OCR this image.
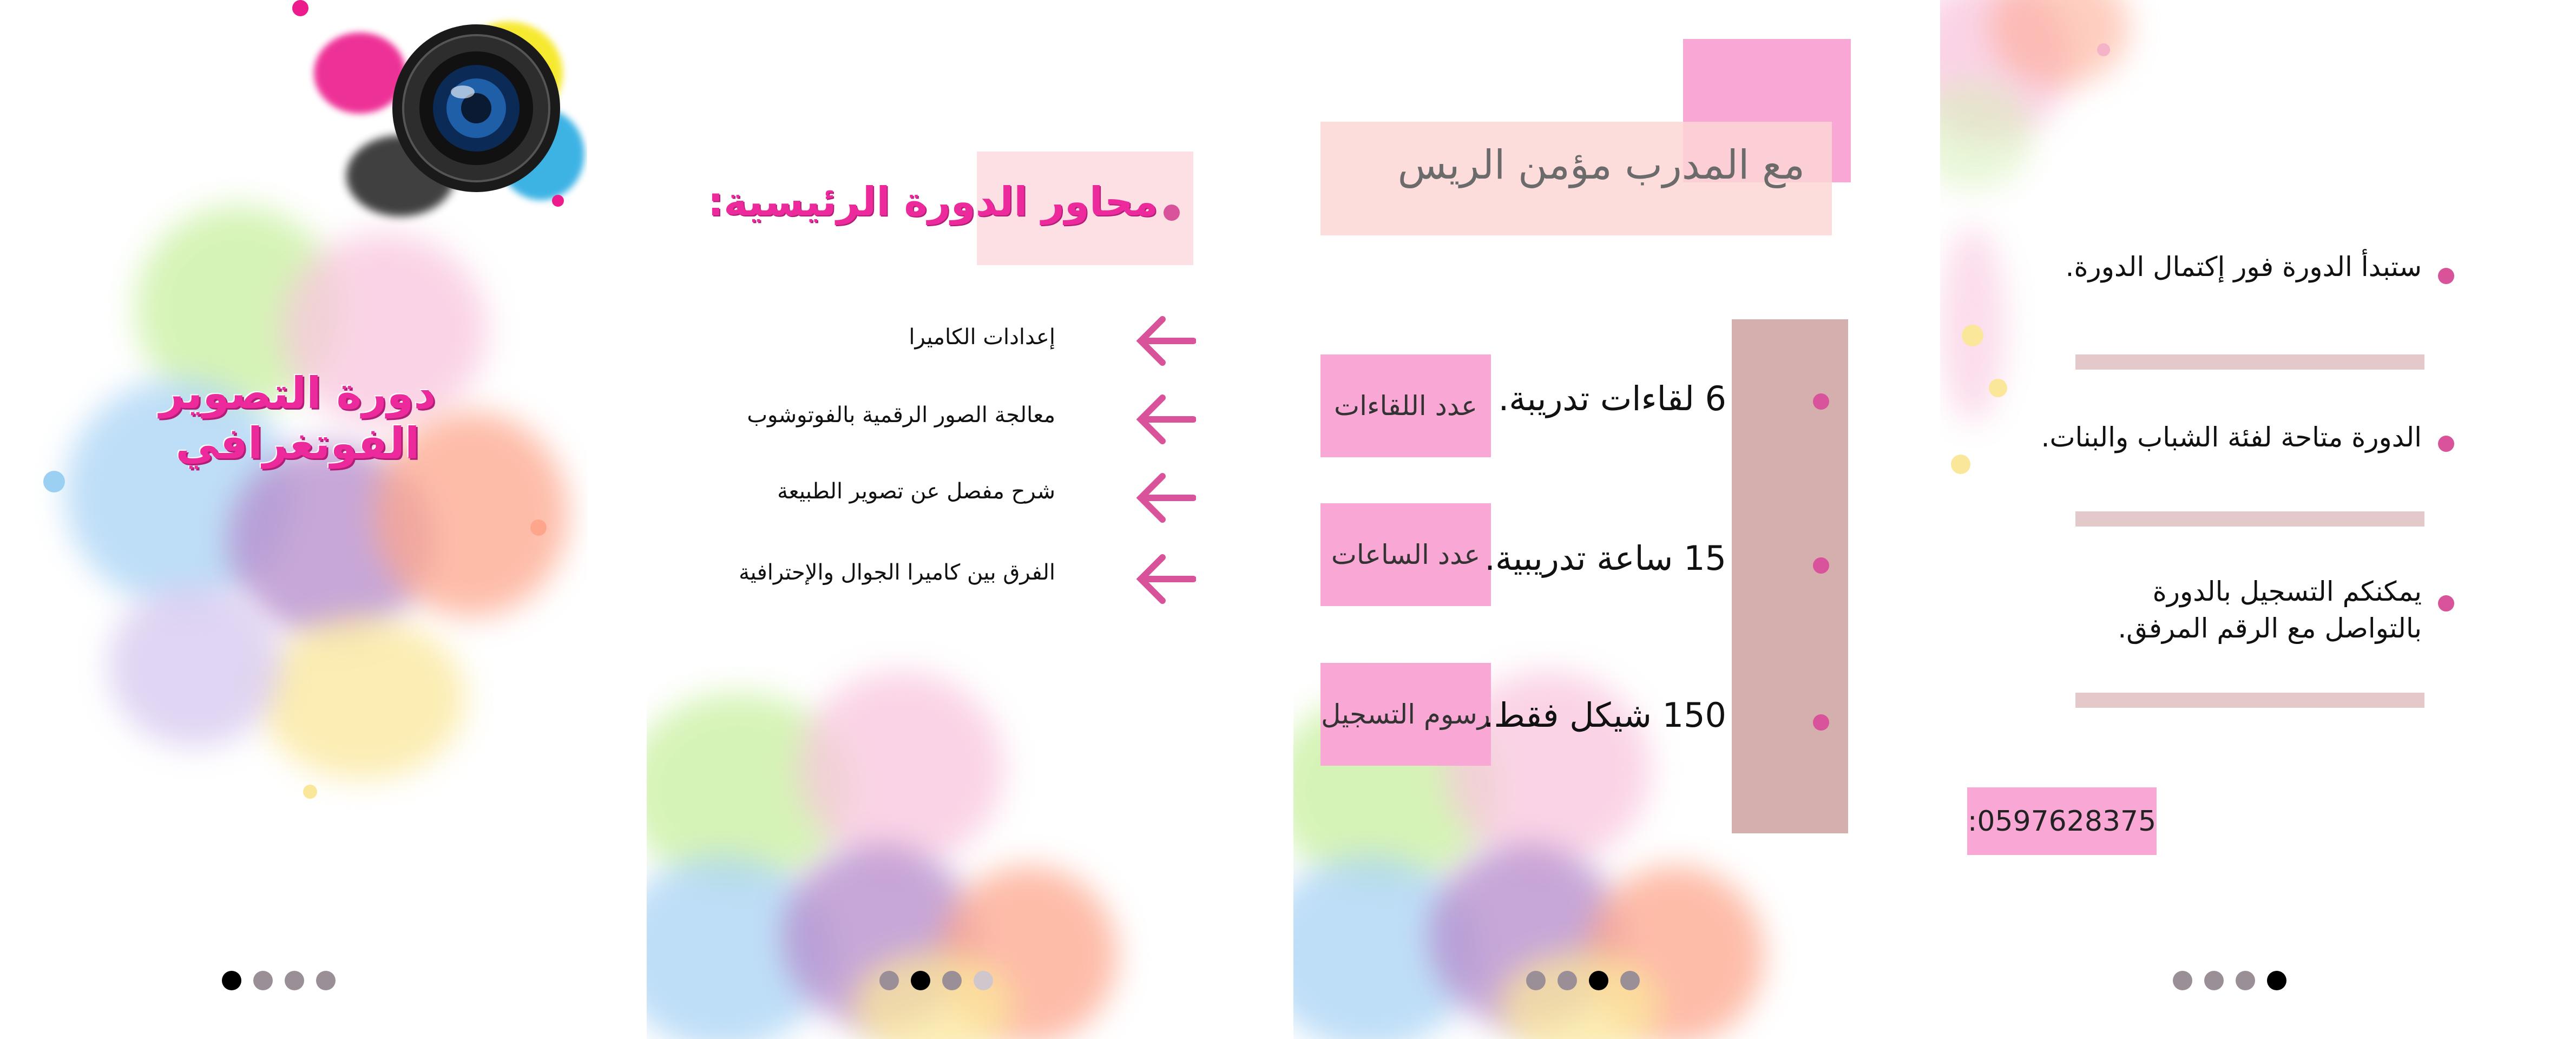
دورة التصوير الفوتغرافي
محاور الدورة الرئيسية:
إعدادات الكاميرا
معالجة الصور الرقمية بالفوتوشوب
شرح مفصل عن تصوير الطبيعة
الفرق بين كاميرا الجوال والإحترافية
مع المدرب مؤمن الريس
عدد اللقاءات 6 لقاءات تدريبة.
عدد الساعات 15 ساعة تدريبية.
رسوم التسجيل
150 شيكل فقط.
ستبدأ الدورة فور إكتمال الدورة.
الدورة متاحة لفئة الشباب والبنات.
يمكنكم التسجيل بالدورة بالتواصل مع الرقم المرفق.
:0597628375
